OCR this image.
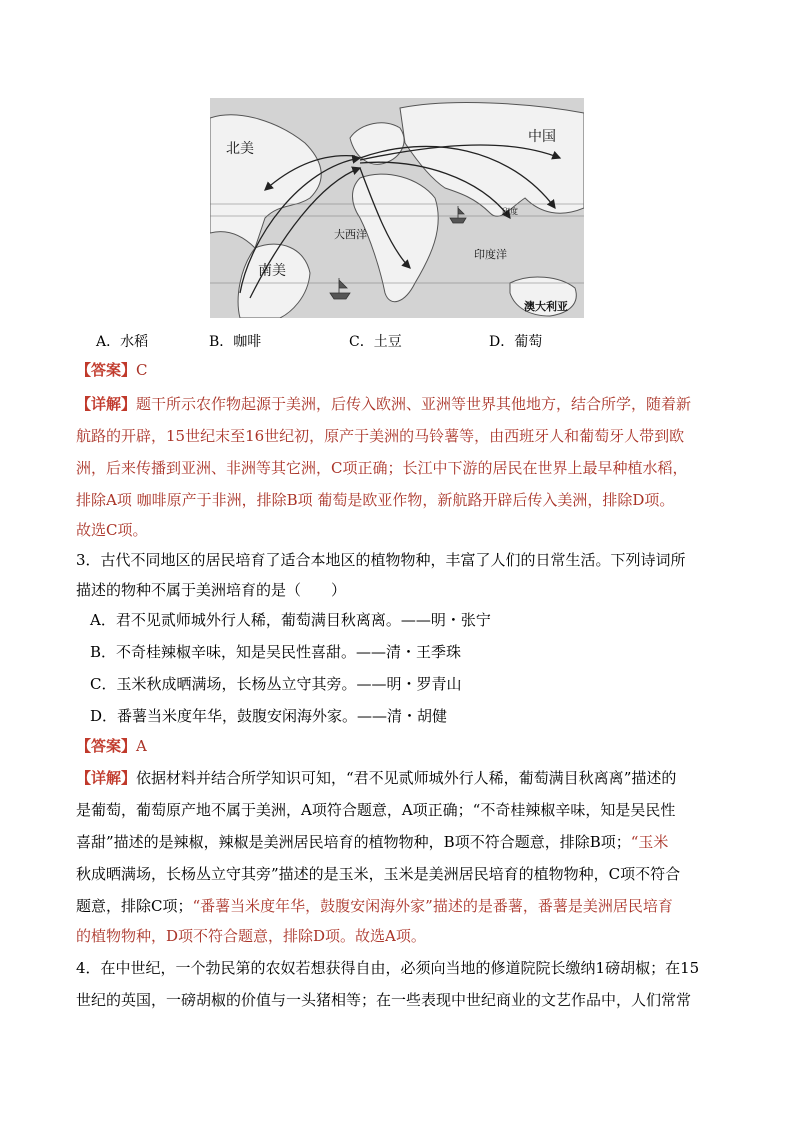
北美
中国
南美
大西洋
印度
印度洋
澳大利亚
A．水稻	B．咖啡	C．土豆	D．葡萄
【答案】C
【详解】题干所示农作物起源于美洲，后传入欧洲、亚洲等世界其他地方，结合所学，随着新
航路的开辟，15世纪末至16世纪初，原产于美洲的马铃薯等，由西班牙人和葡萄牙人带到欧
洲，后来传播到亚洲、非洲等其它洲，C项正确；长江中下游的居民在世界上最早种植水稻，
排除A项 咖啡原产于非洲，排除B项 葡萄是欧亚作物，新航路开辟后传入美洲，排除D项。
故选C项。
3．古代不同地区的居民培育了适合本地区的植物物种，丰富了人们的日常生活。下列诗词所
描述的物种不属于美洲培育的是（　　）
A．君不见贰师城外行人稀，葡萄满目秋离离。——明・张宁
B．不奇桂辣椒辛味，知是吴民性喜甜。——清・王季珠
C．玉米秋成晒满场，长杨丛立守其旁。——明・罗青山
D．番薯当米度年华，鼓腹安闲海外家。——清・胡健
【答案】A
【详解】依据材料并结合所学知识可知，“君不见贰师城外行人稀，葡萄满目秋离离”描述的
是葡萄，葡萄原产地不属于美洲，A项符合题意，A项正确；“不奇桂辣椒辛味，知是吴民性
喜甜”描述的是辣椒，辣椒是美洲居民培育的植物物种，B项不符合题意，排除B项；“玉米
秋成晒满场，长杨丛立守其旁”描述的是玉米，玉米是美洲居民培育的植物物种，C项不符合
题意，排除C项；“番薯当米度年华，鼓腹安闲海外家”描述的是番薯，番薯是美洲居民培育
的植物物种，D项不符合题意，排除D项。故选A项。
4．在中世纪，一个勃民第的农奴若想获得自由，必须向当地的修道院院长缴纳1磅胡椒；在15
世纪的英国，一磅胡椒的价值与一头猪相等；在一些表现中世纪商业的文艺作品中，人们常常
